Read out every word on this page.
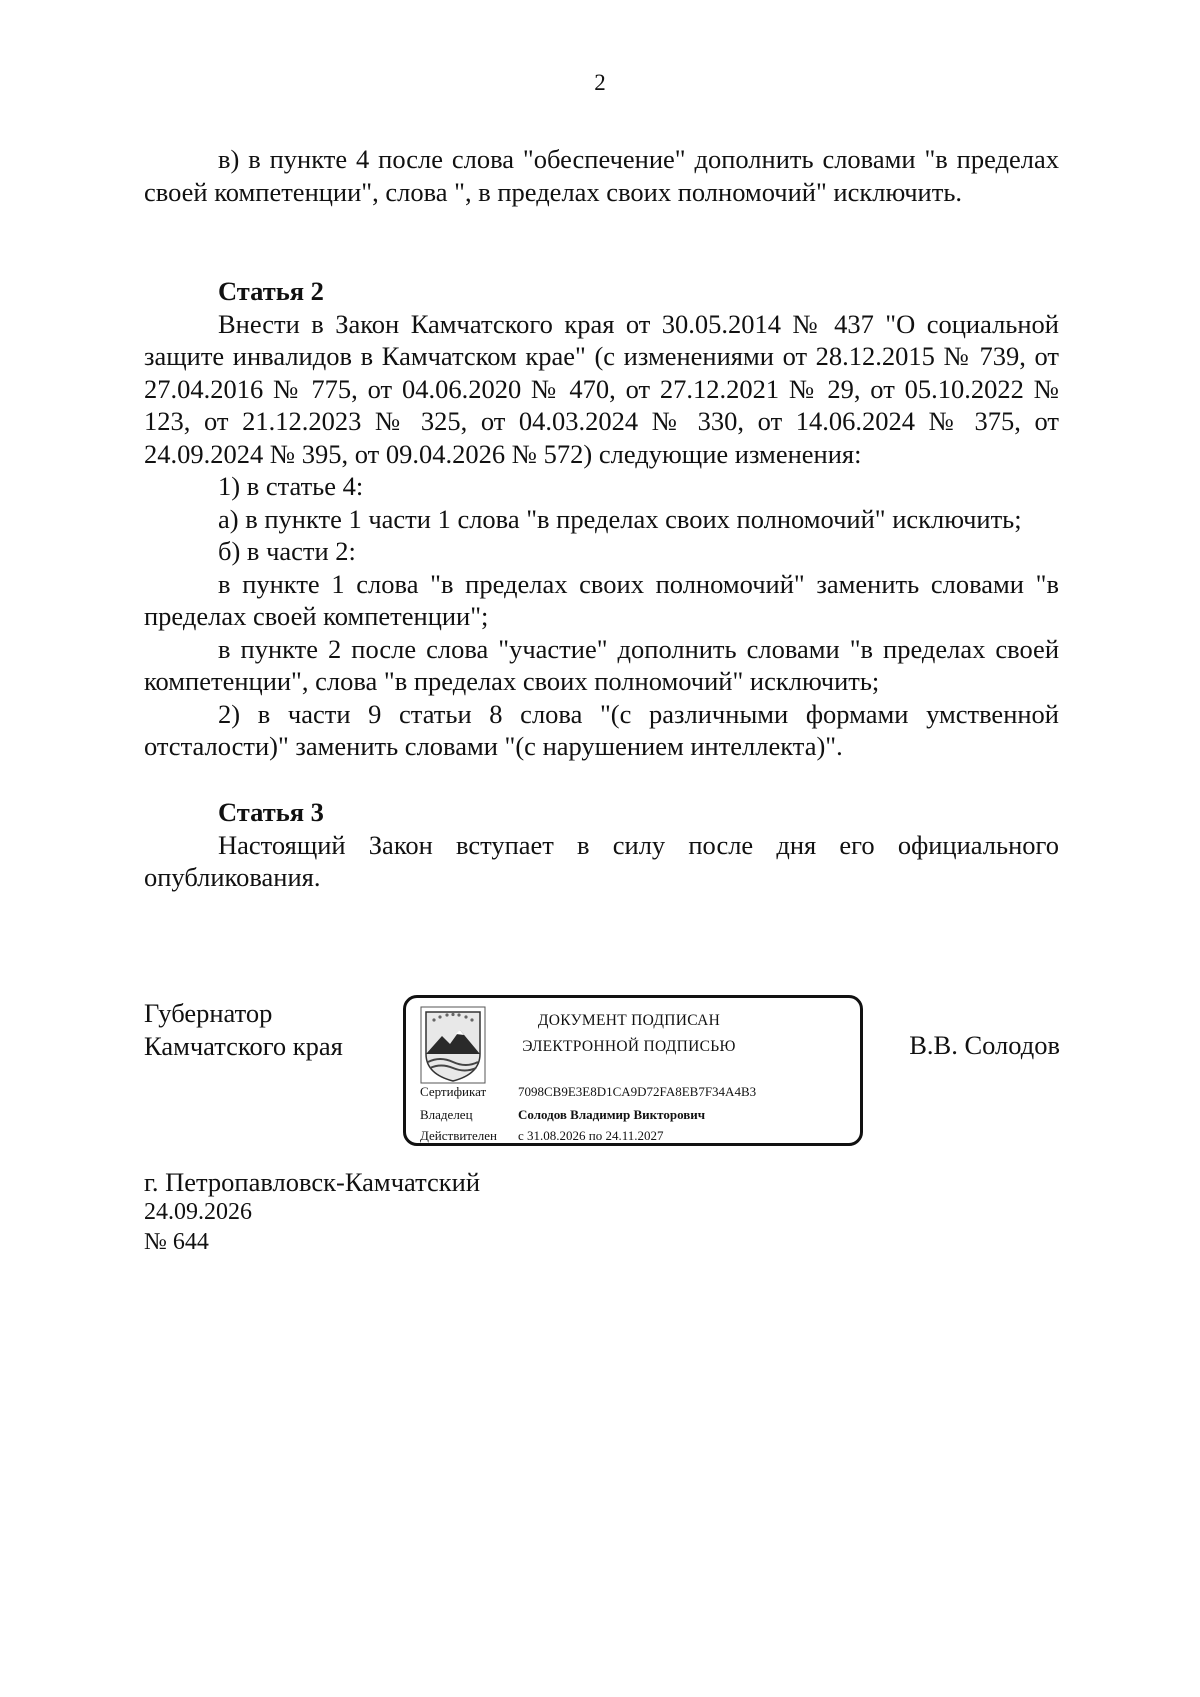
2

в) в пункте 4 после слова "обеспечение" дополнить словами "в пределах своей компетенции", слова ", в пределах своих полномочий" исключить.

Статья 2

Внести в Закон Камчатского края от 30.05.2014 № 437 "О социальной защите инвалидов в Камчатском крае" (с изменениями от 28.12.2015 № 739, от 27.04.2016 № 775, от 04.06.2020 № 470, от 27.12.2021 № 29, от 05.10.2022 № 123, от 21.12.2023 № 325, от 04.03.2024 № 330, от 14.06.2024 № 375, от 24.09.2024 № 395, от 09.04.2026 № 572) следующие изменения:

1) в статье 4:

а) в пункте 1 части 1 слова "в пределах своих полномочий" исключить;

б) в части 2:

в пункте 1 слова "в пределах своих полномочий" заменить словами "в пределах своей компетенции";

в пункте 2 после слова "участие" дополнить словами "в пределах своей компетенции", слова "в пределах своих полномочий" исключить;

2) в части 9 статьи 8 слова "(с различными формами умственной отсталости)" заменить словами "(с нарушением интеллекта)".

Статья 3

Настоящий Закон вступает в силу после дня его официального опубликования.

Губернатор
Камчатского края
ДОКУМЕНТ ПОДПИСАН
ЭЛЕКТРОННОЙ ПОДПИСЬЮ
Сертификат 7098CB9E3E8D1CA9D72FA8EB7F34A4B3
Владелец	Солодов Владимир Викторович
Действителен с 31.08.2026 по 24.11.2027
В.В. Солодов
г. Петропавловск-Камчатский
24.09.2026
№ 644
